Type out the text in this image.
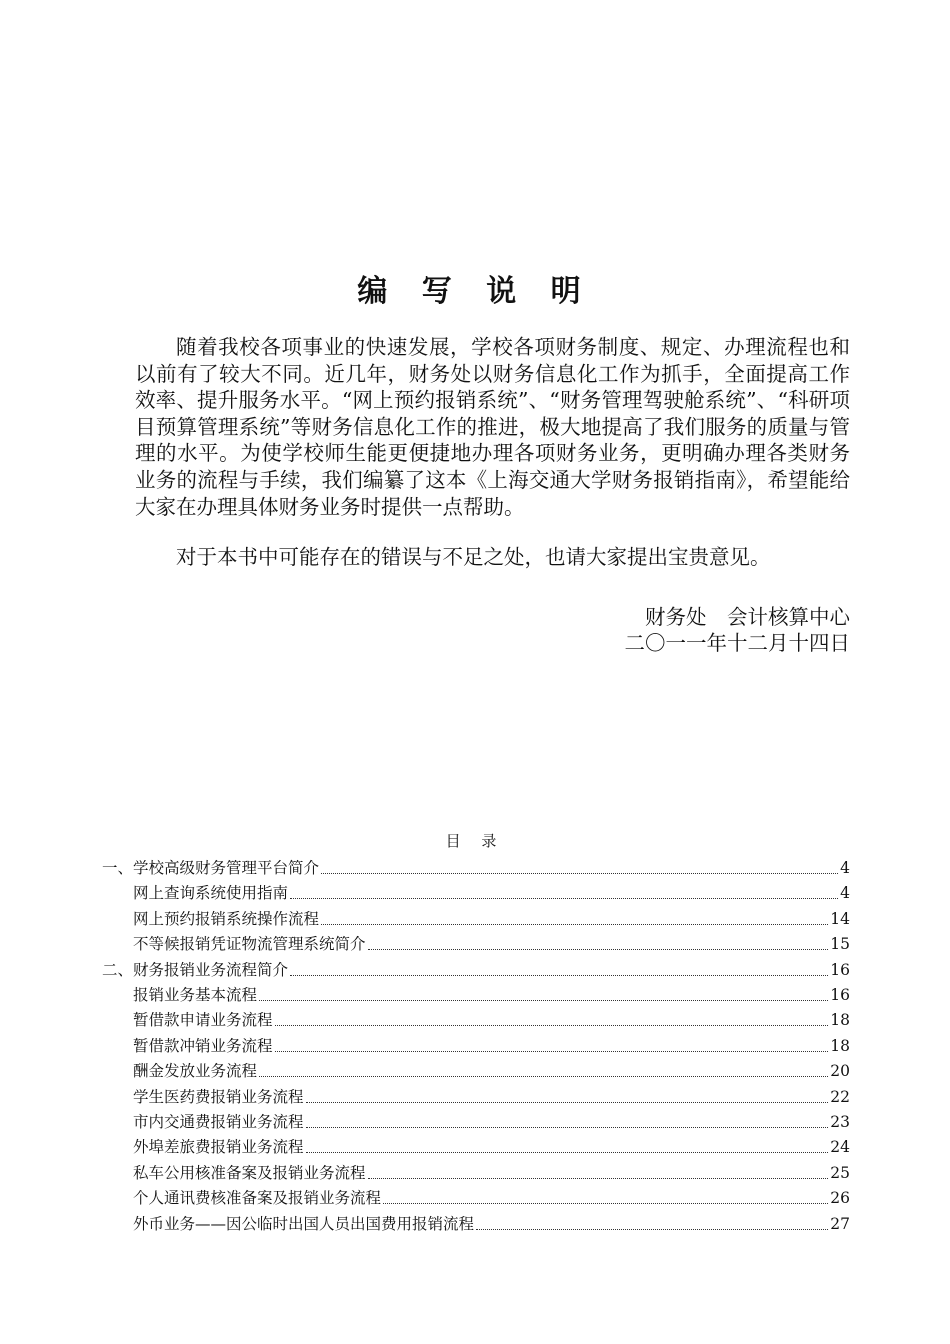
编 写 说 明

随着我校各项事业的快速发展，学校各项财务制度、规定、办理流程也和以前有了较大不同。近几年，财务处以财务信息化工作为抓手，全面提高工作效率、提升服务水平。“网上预约报销系统”、“财务管理驾驶舱系统”、“科研项目预算管理系统”等财务信息化工作的推进，极大地提高了我们服务的质量与管理的水平。为使学校师生能更便捷地办理各项财务业务，更明确办理各类财务业务的流程与手续，我们编纂了这本《上海交通大学财务报销指南》，希望能给大家在办理具体财务业务时提供一点帮助。

对于本书中可能存在的错误与不足之处，也请大家提出宝贵意见。

财务处　会计核算中心
二〇一一年十二月十四日
目 录
一、学校高级财务管理平台简介	4
网上查询系统使用指南	4
网上预约报销系统操作流程	14
不等候报销凭证物流管理系统简介	15
二、财务报销业务流程简介	16
报销业务基本流程	16
暂借款申请业务流程	18
暂借款冲销业务流程	18
酬金发放业务流程	20
学生医药费报销业务流程	22
市内交通费报销业务流程	23
外埠差旅费报销业务流程	24
私车公用核准备案及报销业务流程	25
个人通讯费核准备案及报销业务流程	26
外币业务——因公临时出国人员出国费用报销流程	27
